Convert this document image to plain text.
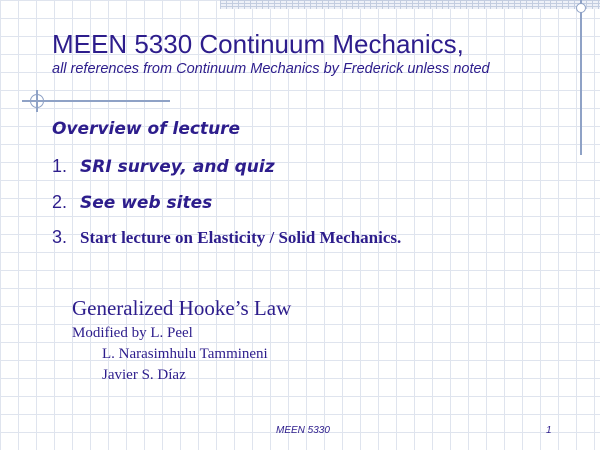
MEEN 5330 Continuum Mechanics,
all references from Continuum Mechanics by Frederick unless noted
Overview of lecture
1. SRI survey, and quiz
2. See web sites
3. Start lecture on Elasticity / Solid Mechanics.
Generalized Hooke’s Law
Modified by L. Peel
L. Narasimhulu Tammineni
Javier S. Díaz
MEEN 5330	1
